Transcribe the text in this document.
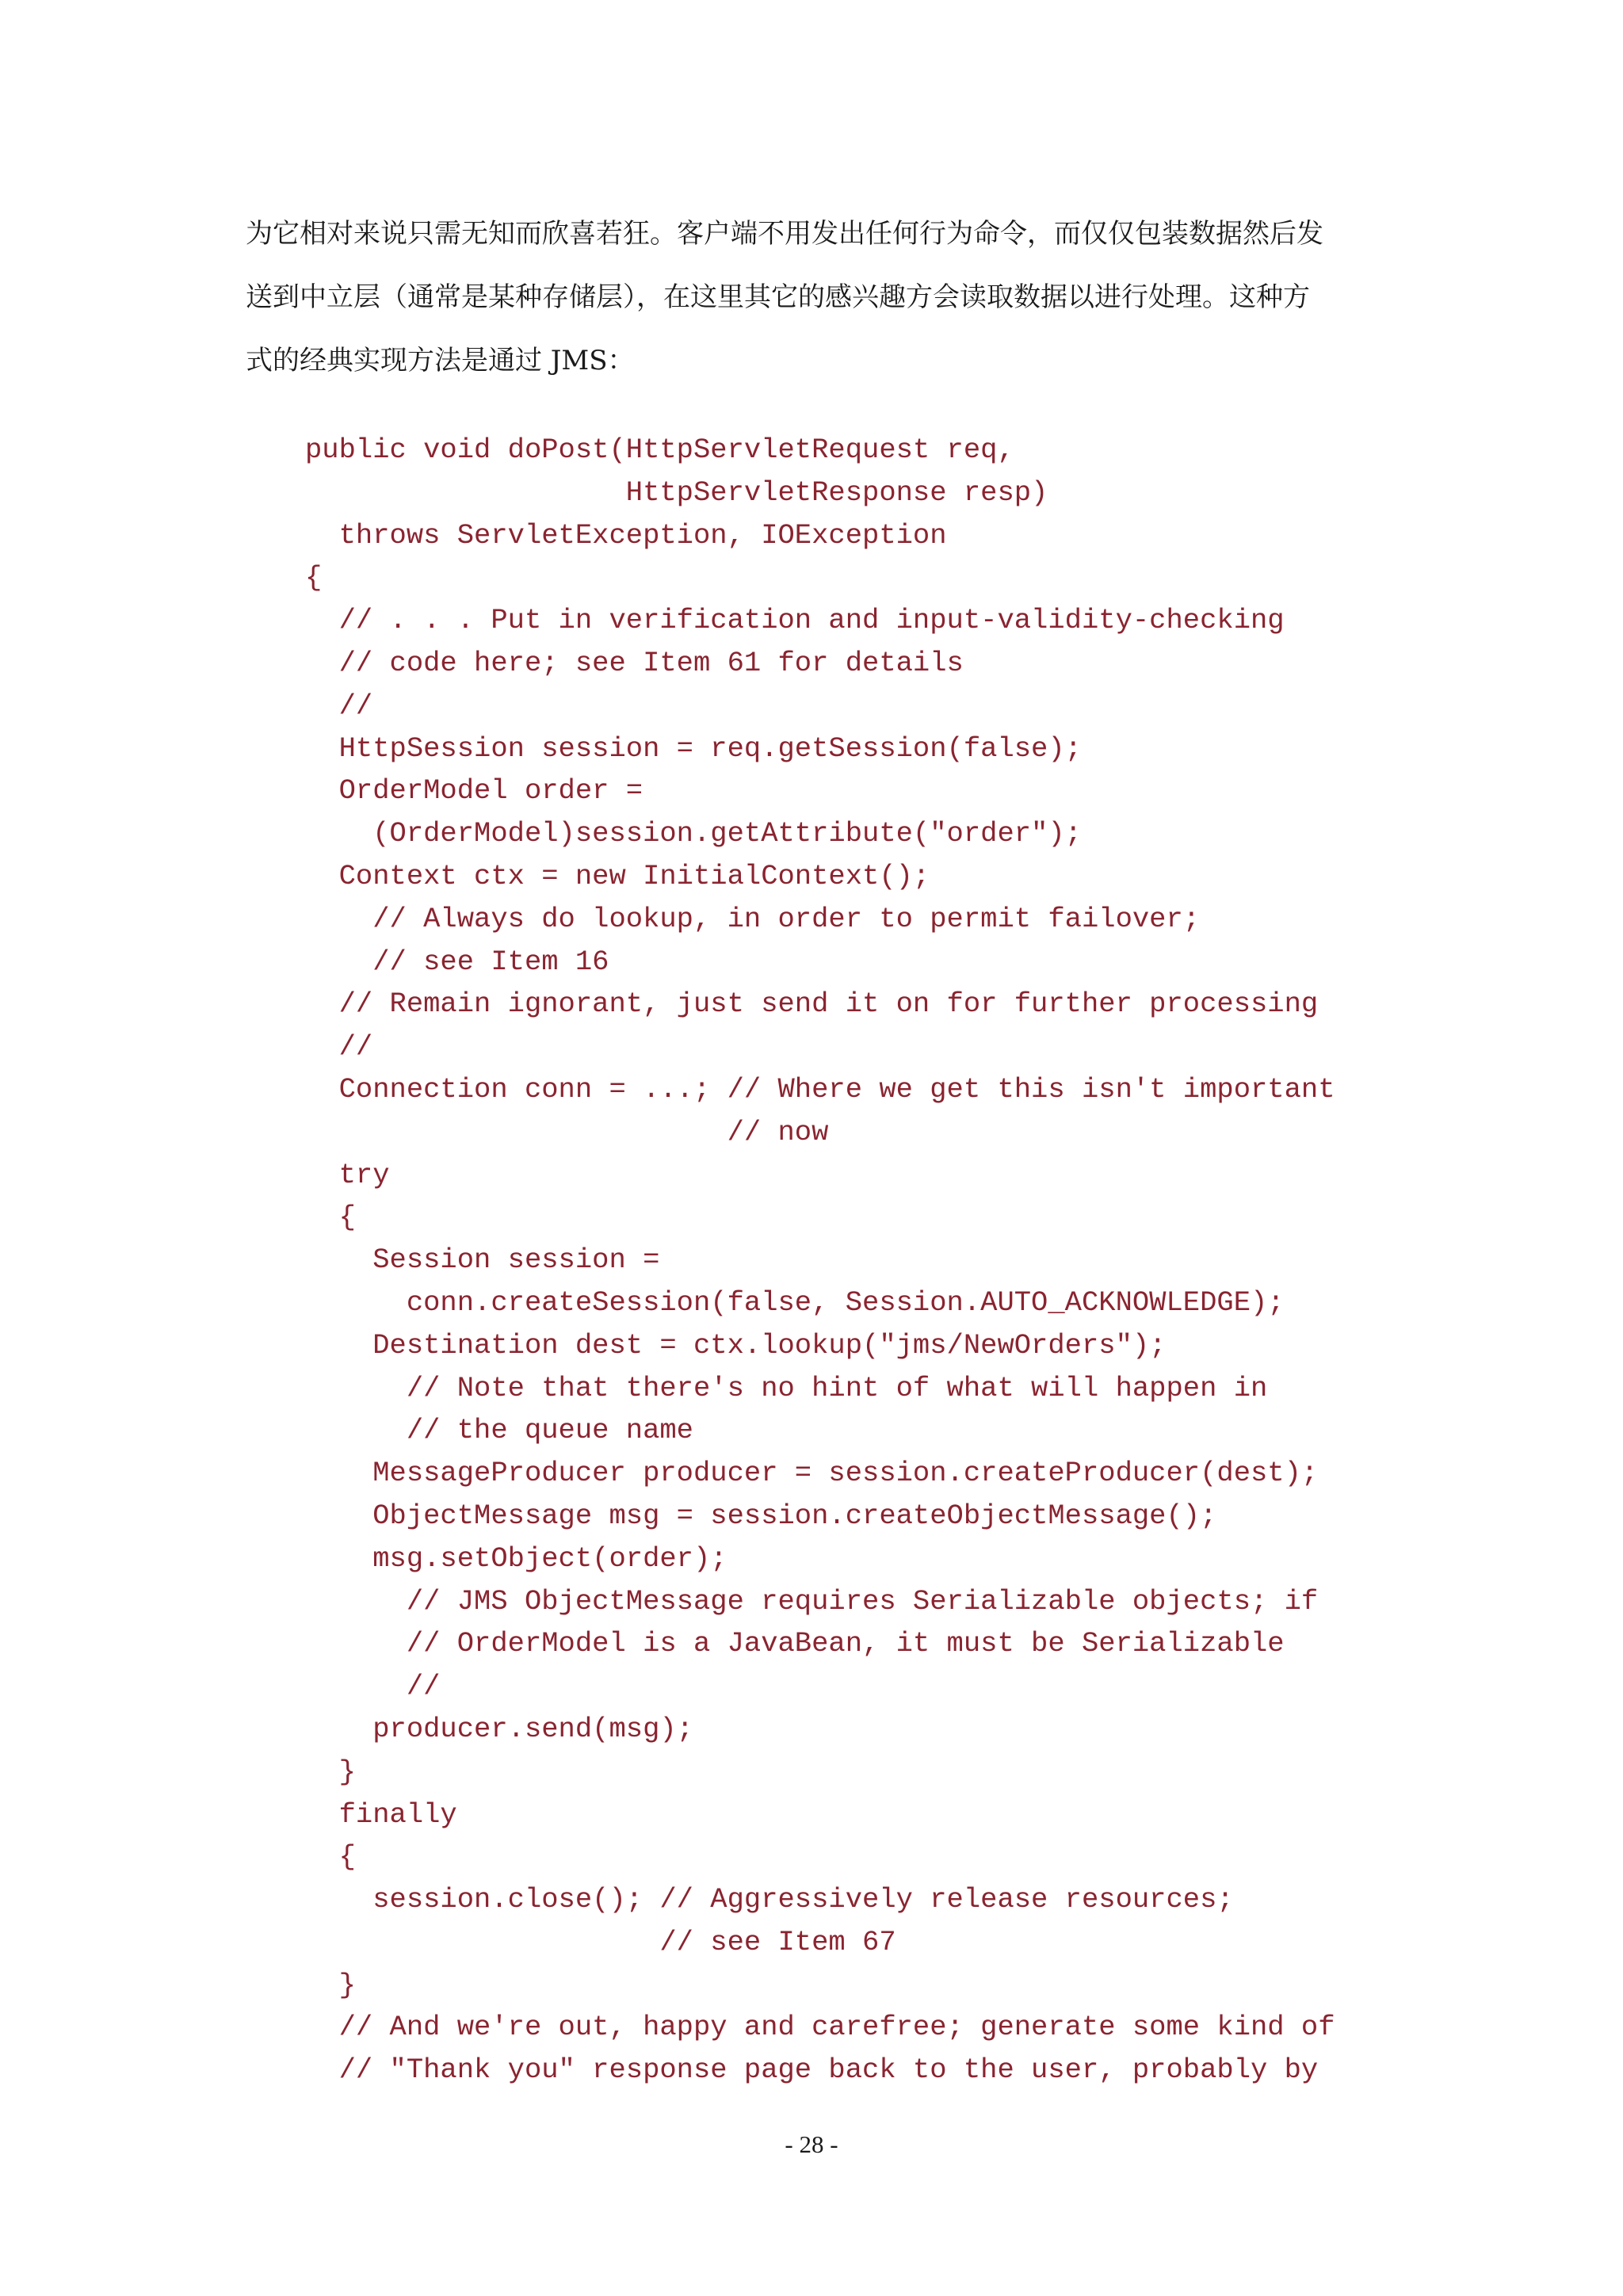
为它相对来说只需无知而欣喜若狂。客户端不用发出任何行为命令，而仅仅包装数据然后发
送到中立层（通常是某种存储层），在这里其它的感兴趣方会读取数据以进行处理。这种方
式的经典实现方法是通过 JMS：

public void doPost(HttpServletRequest req,
HttpServletResponse resp)
throws ServletException, IOException
{
// . . . Put in verification and input-validity-checking
// code here; see Item 61 for details
//
HttpSession session = req.getSession(false);
OrderModel order =
(OrderModel)session.getAttribute("order");
Context ctx = new InitialContext();
// Always do lookup, in order to permit failover;
// see Item 16
// Remain ignorant, just send it on for further processing
//
Connection conn = ...; // Where we get this isn't important
// now
try
{
Session session =
conn.createSession(false, Session.AUTO_ACKNOWLEDGE);
Destination dest = ctx.lookup("jms/NewOrders");
// Note that there's no hint of what will happen in
// the queue name
MessageProducer producer = session.createProducer(dest);
ObjectMessage msg = session.createObjectMessage();
msg.setObject(order);
// JMS ObjectMessage requires Serializable objects; if
// OrderModel is a JavaBean, it must be Serializable
//
producer.send(msg);
}
finally
{
session.close(); // Aggressively release resources;
// see Item 67
}
// And we're out, happy and carefree; generate some kind of
// "Thank you" response page back to the user, probably by
- 28 -
